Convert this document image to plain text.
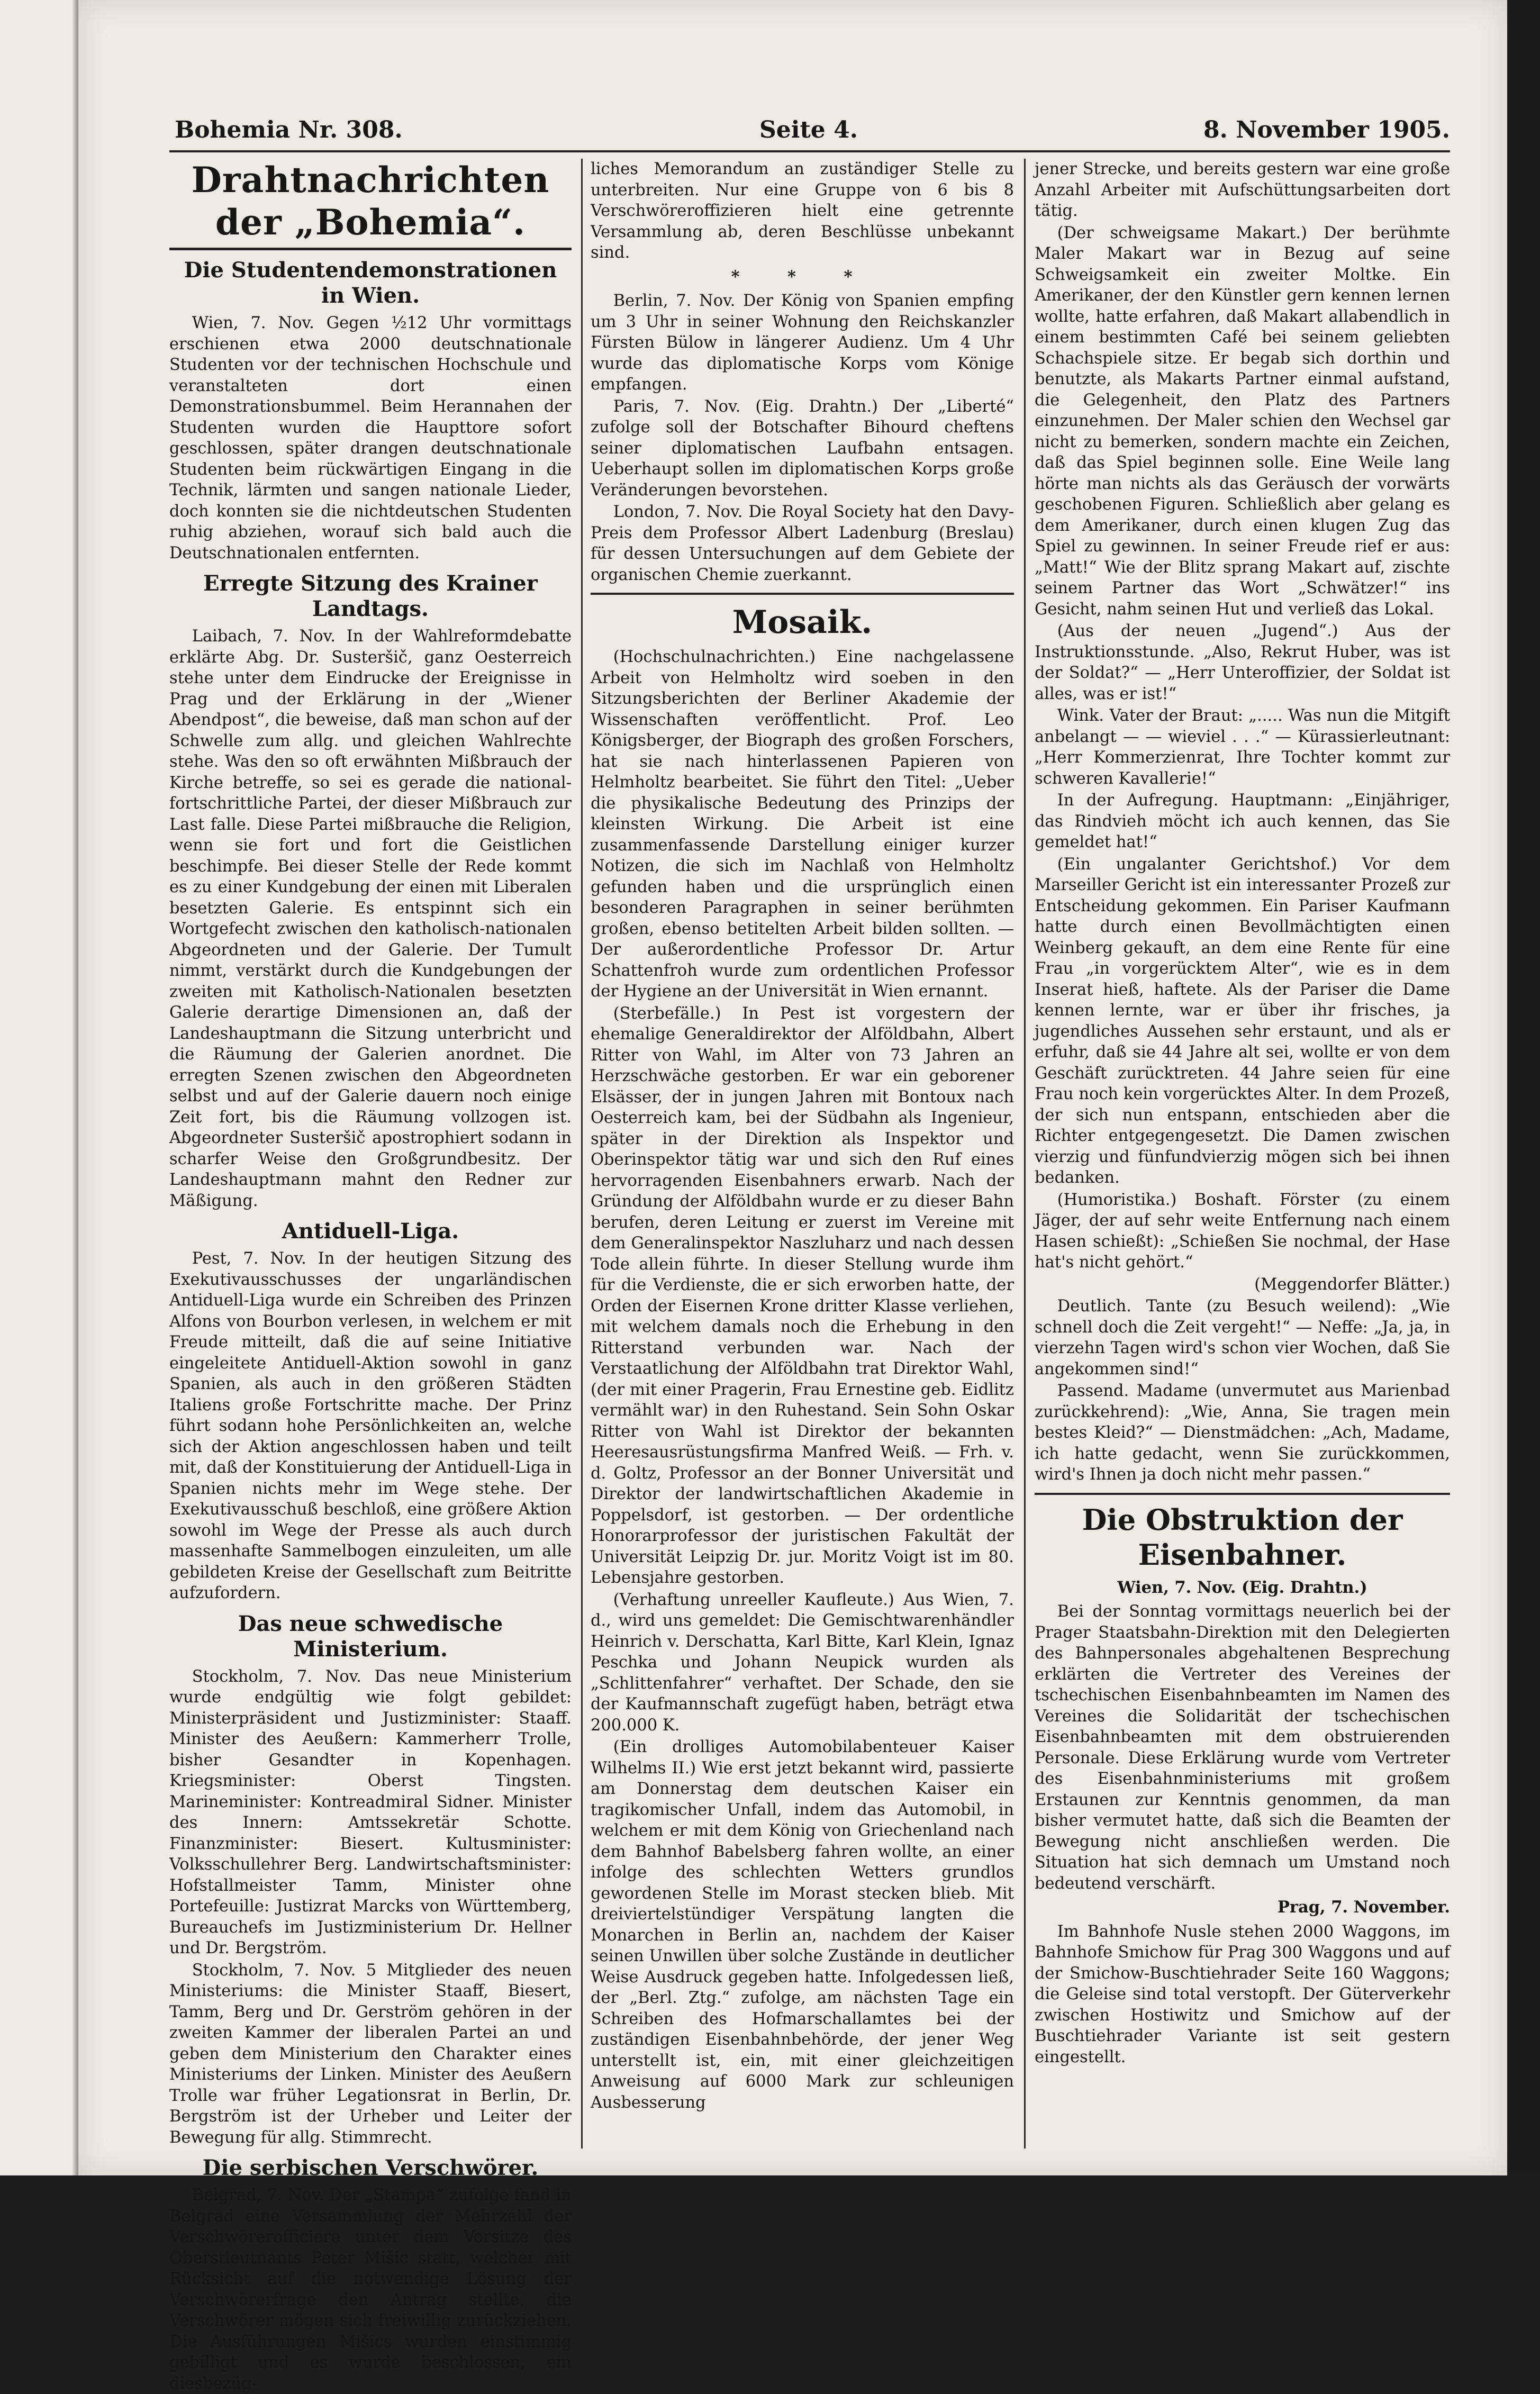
Bohemia Nr. 308.	Seite 4.	8. November 1905.
Drahtnachrichten der „Bohemia“.
Die Studentendemonstrationen in Wien.

Wien, 7. Nov. Gegen ½12 Uhr vormittags erschienen etwa 2000 deutschnationale Studenten vor der technischen Hochschule und veranstalteten dort einen Demonstrationsbummel. Beim Herannahen der Studenten wurden die Haupttore sofort geschlossen, später drangen deutschnationale Studenten beim rückwärtigen Eingang in die Technik, lärmten und sangen nationale Lieder, doch konnten sie die nichtdeutschen Studenten ruhig abziehen, worauf sich bald auch die Deutschnationalen entfernten.

Erregte Sitzung des Krainer Landtags.

Laibach, 7. Nov. In der Wahlreformdebatte erklärte Abg. Dr. Susteršič, ganz Oesterreich stehe unter dem Eindrucke der Ereignisse in Prag und der Erklärung in der „Wiener Abendpost“, die beweise, daß man schon auf der Schwelle zum allg. und gleichen Wahlrechte stehe. Was den so oft erwähnten Mißbrauch der Kirche betreffe, so sei es gerade die national-fortschrittliche Partei, der dieser Mißbrauch zur Last falle. Diese Partei mißbrauche die Religion, wenn sie fort und fort die Geistlichen beschimpfe. Bei dieser Stelle der Rede kommt es zu einer Kundgebung der einen mit Liberalen besetzten Galerie. Es entspinnt sich ein Wortgefecht zwischen den katholisch-nationalen Abgeordneten und der Galerie. Der Tumult nimmt, verstärkt durch die Kundgebungen der zweiten mit Katholisch-Nationalen besetzten Galerie derartige Dimensionen an, daß der Landeshauptmann die Sitzung unterbricht und die Räumung der Galerien anordnet. Die erregten Szenen zwischen den Abgeordneten selbst und auf der Galerie dauern noch einige Zeit fort, bis die Räumung vollzogen ist. Abgeordneter Susteršič apostrophiert sodann in scharfer Weise den Großgrundbesitz. Der Landeshauptmann mahnt den Redner zur Mäßigung.

Antiduell-Liga.

Pest, 7. Nov. In der heutigen Sitzung des Exekutivausschusses der ungarländischen Antiduell-Liga wurde ein Schreiben des Prinzen Alfons von Bourbon verlesen, in welchem er mit Freude mitteilt, daß die auf seine Initiative eingeleitete Antiduell-Aktion sowohl in ganz Spanien, als auch in den größeren Städten Italiens große Fortschritte mache. Der Prinz führt sodann hohe Persönlichkeiten an, welche sich der Aktion angeschlossen haben und teilt mit, daß der Konstituierung der Antiduell-Liga in Spanien nichts mehr im Wege stehe. Der Exekutivausschuß beschloß, eine größere Aktion sowohl im Wege der Presse als auch durch massenhafte Sammelbogen einzuleiten, um alle gebildeten Kreise der Gesellschaft zum Beitritte aufzufordern.

Das neue schwedische Ministerium.

Stockholm, 7. Nov. Das neue Ministerium wurde endgültig wie folgt gebildet: Ministerpräsident und Justizminister: Staaff. Minister des Aeußern: Kammerherr Trolle, bisher Gesandter in Kopenhagen. Kriegsminister: Oberst Tingsten. Marineminister: Kontreadmiral Sidner. Minister des Innern: Amtssekretär Schotte. Finanzminister: Biesert. Kultusminister: Volksschullehrer Berg. Landwirtschaftsminister: Hofstallmeister Tamm, Minister ohne Portefeuille: Justizrat Marcks von Württemberg, Bureauchefs im Justizministerium Dr. Hellner und Dr. Bergström.

Stockholm, 7. Nov. 5 Mitglieder des neuen Ministeriums: die Minister Staaff, Biesert, Tamm, Berg und Dr. Gerström gehören in der zweiten Kammer der liberalen Partei an und geben dem Ministerium den Charakter eines Ministeriums der Linken. Minister des Aeußern Trolle war früher Legationsrat in Berlin, Dr. Bergström ist der Urheber und Leiter der Bewegung für allg. Stimmrecht.

Die serbischen Verschwörer.

Belgrad, 7. Nov. Der „Stampa“ zufolge fand in Belgrad eine Versammlung der Mehrzahl der Verschwörerofficiere unter dem Vorsitze des Oberstleutnants Peter Mišic statt, welcher mit Rücksicht auf die notwendige Lösung der Verschwörerfrage den Antrag stellte, die Verschwörer mögen sich freiwillig zurückziehen. Die Ausführungen Mišics wurden einstimmig gebilligt und es wurde beschlossen, ein diesbezüg-

liches Memorandum an zuständiger Stelle zu unterbreiten. Nur eine Gruppe von 6 bis 8 Verschwöreroffizieren hielt eine getrennte Versammlung ab, deren Beschlüsse unbekannt sind.

* * *

Berlin, 7. Nov. Der König von Spanien empfing um 3 Uhr in seiner Wohnung den Reichskanzler Fürsten Bülow in längerer Audienz. Um 4 Uhr wurde das diplomatische Korps vom Könige empfangen.

Paris, 7. Nov. (Eig. Drahtn.) Der „Liberté“ zufolge soll der Botschafter Bihourd cheftens seiner diplomatischen Laufbahn entsagen. Ueberhaupt sollen im diplomatischen Korps große Veränderungen bevorstehen.

London, 7. Nov. Die Royal Society hat den Davy-Preis dem Professor Albert Ladenburg (Breslau) für dessen Untersuchungen auf dem Gebiete der organischen Chemie zuerkannt.

Mosaik.

(Hochschulnachrichten.) Eine nachgelassene Arbeit von Helmholtz wird soeben in den Sitzungsberichten der Berliner Akademie der Wissenschaften veröffentlicht. Prof. Leo Königsberger, der Biograph des großen Forschers, hat sie nach hinterlassenen Papieren von Helmholtz bearbeitet. Sie führt den Titel: „Ueber die physikalische Bedeutung des Prinzips der kleinsten Wirkung. Die Arbeit ist eine zusammenfassende Darstellung einiger kurzer Notizen, die sich im Nachlaß von Helmholtz gefunden haben und die ursprünglich einen besonderen Paragraphen in seiner berühmten großen, ebenso betitelten Arbeit bilden sollten. — Der außerordentliche Professor Dr. Artur Schattenfroh wurde zum ordentlichen Professor der Hygiene an der Universität in Wien ernannt.

(Sterbefälle.) In Pest ist vorgestern der ehemalige Generaldirektor der Alföldbahn, Albert Ritter von Wahl, im Alter von 73 Jahren an Herzschwäche gestorben. Er war ein geborener Elsässer, der in jungen Jahren mit Bontoux nach Oesterreich kam, bei der Südbahn als Ingenieur, später in der Direktion als Inspektor und Oberinspektor tätig war und sich den Ruf eines hervorragenden Eisenbahners erwarb. Nach der Gründung der Alföldbahn wurde er zu dieser Bahn berufen, deren Leitung er zuerst im Vereine mit dem Generalinspektor Naszluharz und nach dessen Tode allein führte. In dieser Stellung wurde ihm für die Verdienste, die er sich erworben hatte, der Orden der Eisernen Krone dritter Klasse verliehen, mit welchem damals noch die Erhebung in den Ritterstand verbunden war. Nach der Verstaatlichung der Alföldbahn trat Direktor Wahl, (der mit einer Pragerin, Frau Ernestine geb. Eidlitz vermählt war) in den Ruhestand. Sein Sohn Oskar Ritter von Wahl ist Direktor der bekannten Heeresausrüstungsfirma Manfred Weiß. — Frh. v. d. Goltz, Professor an der Bonner Universität und Direktor der landwirtschaftlichen Akademie in Poppelsdorf, ist gestorben. — Der ordentliche Honorarprofessor der juristischen Fakultät der Universität Leipzig Dr. jur. Moritz Voigt ist im 80. Lebensjahre gestorben.

(Verhaftung unreeller Kaufleute.) Aus Wien, 7. d., wird uns gemeldet: Die Gemischtwarenhändler Heinrich v. Derschatta, Karl Bitte, Karl Klein, Ignaz Peschka und Johann Neupick wurden als „Schlittenfahrer“ verhaftet. Der Schade, den sie der Kaufmannschaft zugefügt haben, beträgt etwa 200.000 K.

(Ein drolliges Automobilabenteuer Kaiser Wilhelms II.) Wie erst jetzt bekannt wird, passierte am Donnerstag dem deutschen Kaiser ein tragikomischer Unfall, indem das Automobil, in welchem er mit dem König von Griechenland nach dem Bahnhof Babelsberg fahren wollte, an einer infolge des schlechten Wetters grundlos gewordenen Stelle im Morast stecken blieb. Mit dreiviertelstündiger Verspätung langten die Monarchen in Berlin an, nachdem der Kaiser seinen Unwillen über solche Zustände in deutlicher Weise Ausdruck gegeben hatte. Infolgedessen ließ, der „Berl. Ztg.“ zufolge, am nächsten Tage ein Schreiben des Hofmarschallamtes bei der zuständigen Eisenbahnbehörde, der jener Weg unterstellt ist, ein, mit einer gleichzeitigen Anweisung auf 6000 Mark zur schleunigen Ausbesserung

jener Strecke, und bereits gestern war eine große Anzahl Arbeiter mit Aufschüttungsarbeiten dort tätig.

(Der schweigsame Makart.) Der berühmte Maler Makart war in Bezug auf seine Schweigsamkeit ein zweiter Moltke. Ein Amerikaner, der den Künstler gern kennen lernen wollte, hatte erfahren, daß Makart allabendlich in einem bestimmten Café bei seinem geliebten Schachspiele sitze. Er begab sich dorthin und benutzte, als Makarts Partner einmal aufstand, die Gelegenheit, den Platz des Partners einzunehmen. Der Maler schien den Wechsel gar nicht zu bemerken, sondern machte ein Zeichen, daß das Spiel beginnen solle. Eine Weile lang hörte man nichts als das Geräusch der vorwärts geschobenen Figuren. Schließlich aber gelang es dem Amerikaner, durch einen klugen Zug das Spiel zu gewinnen. In seiner Freude rief er aus: „Matt!“ Wie der Blitz sprang Makart auf, zischte seinem Partner das Wort „Schwätzer!“ ins Gesicht, nahm seinen Hut und verließ das Lokal.

(Aus der neuen „Jugend“.) Aus der Instruktionsstunde. „Also, Rekrut Huber, was ist der Soldat?“ — „Herr Unteroffizier, der Soldat ist alles, was er ist!“

Wink. Vater der Braut: „..... Was nun die Mitgift anbelangt — — wieviel . . .“ — Kürassierleutnant: „Herr Kommerzienrat, Ihre Tochter kommt zur schweren Kavallerie!“

In der Aufregung. Hauptmann: „Einjähriger, das Rindvieh möcht ich auch kennen, das Sie gemeldet hat!“

(Ein ungalanter Gerichtshof.) Vor dem Marseiller Gericht ist ein interessanter Prozeß zur Entscheidung gekommen. Ein Pariser Kaufmann hatte durch einen Bevollmächtigten einen Weinberg gekauft, an dem eine Rente für eine Frau „in vorgerücktem Alter“, wie es in dem Inserat hieß, haftete. Als der Pariser die Dame kennen lernte, war er über ihr frisches, ja jugendliches Aussehen sehr erstaunt, und als er erfuhr, daß sie 44 Jahre alt sei, wollte er von dem Geschäft zurücktreten. 44 Jahre seien für eine Frau noch kein vorgerücktes Alter. In dem Prozeß, der sich nun entspann, entschieden aber die Richter entgegengesetzt. Die Damen zwischen vierzig und fünfundvierzig mögen sich bei ihnen bedanken.

(Humoristika.) Boshaft. Förster (zu einem Jäger, der auf sehr weite Entfernung nach einem Hasen schießt): „Schießen Sie nochmal, der Hase hat's nicht gehört.“

(Meggendorfer Blätter.)

Deutlich. Tante (zu Besuch weilend): „Wie schnell doch die Zeit vergeht!“ — Neffe: „Ja, ja, in vierzehn Tagen wird's schon vier Wochen, daß Sie angekommen sind!“

Passend. Madame (unvermutet aus Marienbad zurückkehrend): „Wie, Anna, Sie tragen mein bestes Kleid?“ — Dienstmädchen: „Ach, Madame, ich hatte gedacht, wenn Sie zurückkommen, wird's Ihnen ja doch nicht mehr passen.“

Die Obstruktion der Eisenbahner.
Wien, 7. Nov. (Eig. Drahtn.)

Bei der Sonntag vormittags neuerlich bei der Prager Staatsbahn-Direktion mit den Delegierten des Bahnpersonales abgehaltenen Besprechung erklärten die Vertreter des Vereines der tschechischen Eisenbahnbeamten im Namen des Vereines die Solidarität der tschechischen Eisenbahnbeamten mit dem obstruierenden Personale. Diese Erklärung wurde vom Vertreter des Eisenbahnministeriums mit großem Erstaunen zur Kenntnis genommen, da man bisher vermutet hatte, daß sich die Beamten der Bewegung nicht anschließen werden. Die Situation hat sich demnach um Umstand noch bedeutend verschärft.

Prag, 7. November.

Im Bahnhofe Nusle stehen 2000 Waggons, im Bahnhofe Smichow für Prag 300 Waggons und auf der Smichow-Buschtiehrader Seite 160 Waggons; die Geleise sind total verstopft. Der Güterverkehr zwischen Hostiwitz und Smichow auf der Buschtiehrader Variante ist seit gestern eingestellt.
